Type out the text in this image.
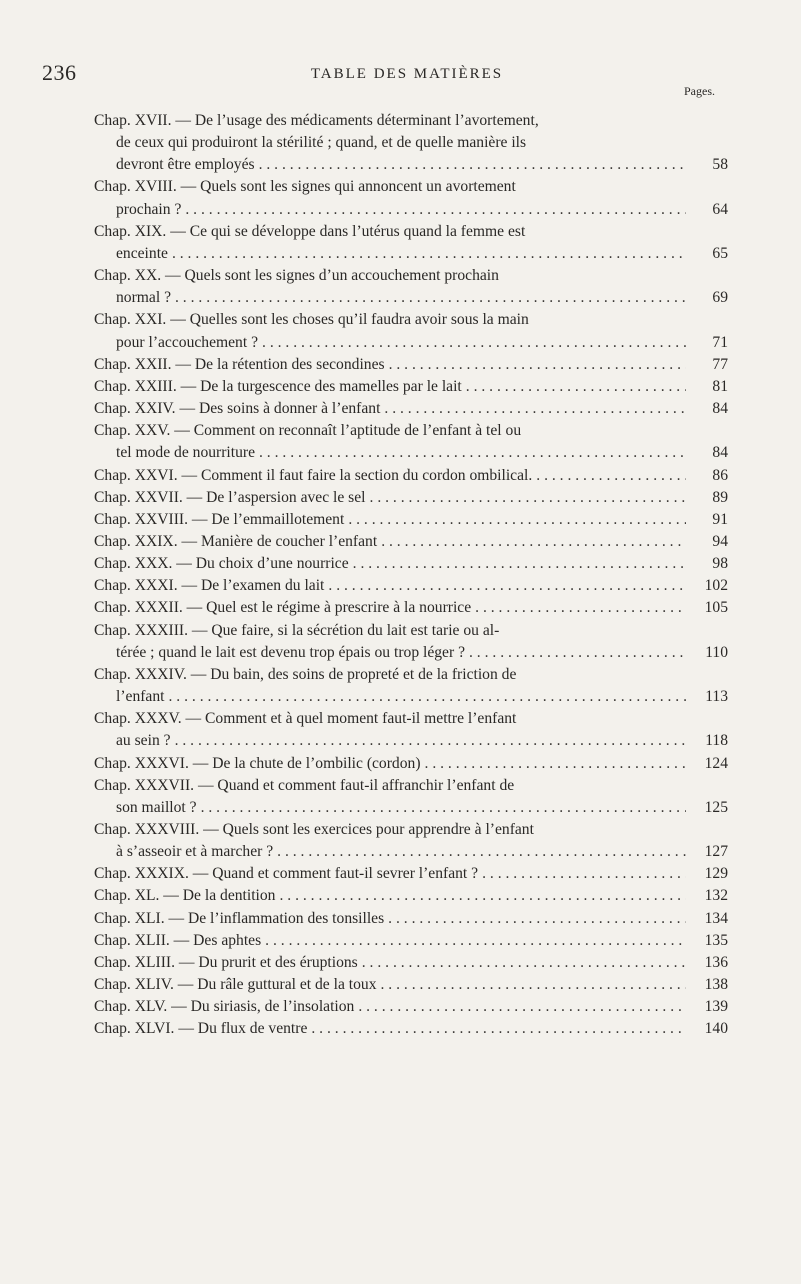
236	TABLE DES MATIÈRES
Pages.
Chap. XVII. — De l’usage des médicaments déterminant l’avortement,
de ceux qui produiront la stérilité ; quand, et de quelle manière ils
devront être employés . . .	58
Chap. XVIII. — Quels sont les signes qui annoncent un avortement
prochain ? . . .	64
Chap. XIX. — Ce qui se développe dans l’utérus quand la femme est
enceinte . . .	65
Chap. XX. — Quels sont les signes d’un accouchement prochain
normal ? . . .	69
Chap. XXI. — Quelles sont les choses qu’il faudra avoir sous la main
pour l’accouchement ? . . .	71
Chap. XXII. — De la rétention des secondines . . .	77
Chap. XXIII. — De la turgescence des mamelles par le lait . . .	81
Chap. XXIV. — Des soins à donner à l’enfant . . .	84
Chap. XXV. — Comment on reconnaît l’aptitude de l’enfant à tel ou
tel mode de nourriture . . .	84
Chap. XXVI. — Comment il faut faire la section du cordon ombilical. . . .	86
Chap. XXVII. — De l’aspersion avec le sel . . .	89
Chap. XXVIII. — De l’emmaillotement . . .	91
Chap. XXIX. — Manière de coucher l’enfant . . .	94
Chap. XXX. — Du choix d’une nourrice . . .	98
Chap. XXXI. — De l’examen du lait . . .	102
Chap. XXXII. — Quel est le régime à prescrire à la nourrice . . .	105
Chap. XXXIII. — Que faire, si la sécrétion du lait est tarie ou al-
térée ; quand le lait est devenu trop épais ou trop léger ? . . .	110
Chap. XXXIV. — Du bain, des soins de propreté et de la friction de
l’enfant . . .	113
Chap. XXXV. — Comment et à quel moment faut-il mettre l’enfant
au sein ? . . .	118
Chap. XXXVI. — De la chute de l’ombilic (cordon) . . .	124
Chap. XXXVII. — Quand et comment faut-il affranchir l’enfant de
son maillot ? . . .	125
Chap. XXXVIII. — Quels sont les exercices pour apprendre à l’enfant
à s’asseoir et à marcher ? . . .	127
Chap. XXXIX. — Quand et comment faut-il sevrer l’enfant ? . . .	129
Chap. XL. — De la dentition . . .	132
Chap. XLI. — De l’inflammation des tonsilles . . .	134
Chap. XLII. — Des aphtes . . .	135
Chap. XLIII. — Du prurit et des éruptions . . .	136
Chap. XLIV. — Du râle guttural et de la toux . . .	138
Chap. XLV. — Du siriasis, de l’insolation . . .	139
Chap. XLVI. — Du flux de ventre . . .	140
